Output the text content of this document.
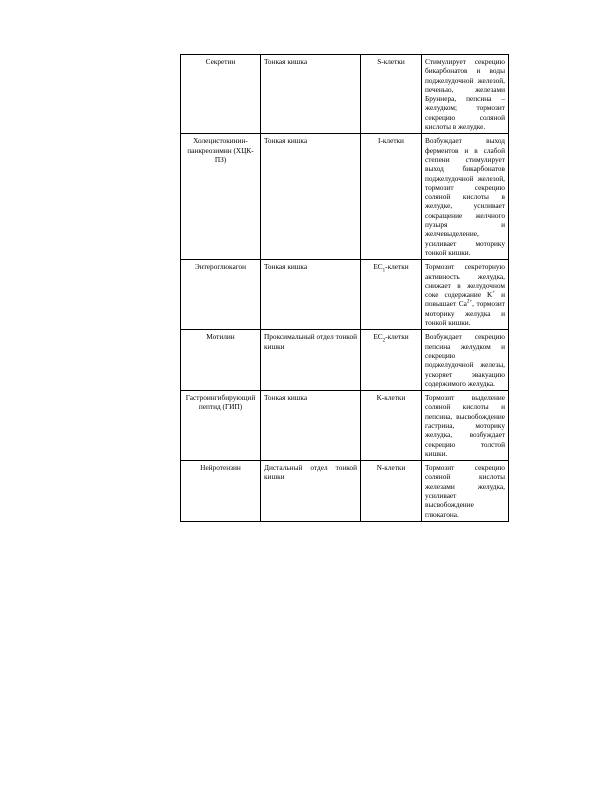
Секретин	Тонкая кишка	S-клетки	Стимулирует секрецию бикарбонатов и воды поджелудочной железой, печенью, железами Бруннера, пепсина – желудком; тормозит секрецию соляной кислоты в желудке.
Холецистокинин-панкреозимин (ХЦК-ПЗ)	Тонкая кишка	I-клетки	Возбуждает выход ферментов и в слабой степени стимулирует выход бикарбонатов поджелудочной железой, тормозит секрецию соляной кислоты в желудке, усиливает сокращение желчного пузыря и желчевыделение, усиливает моторику тонкой кишки.
Энтероглюкагон	Тонкая кишка	$EC_1$-клетки	Тормозит секреторную активность желудка, снижает в желудочном соке содержание K+ и повышает $Ca^{2+}$, тормозит моторику желудка и тонкой кишки.
Мотилин	Проксимальный отдел тонкой кишки	$EC_2$-клетки	Возбуждает секрецию пепсина желудком и секрецию поджелудочной железы, ускоряет эвакуацию содержимого желудка.
Гастроингибирующий пептид (ГИП)	Тонкая кишка	K-клетки	Тормозит выделение соляной кислоты и пепсина, высвобождение гастрина, моторику желудка, возбуждает секрецию толстой кишки.
Нейротензин	Дистальный отдел тонкой кишки	N-клетки	Тормозит секрецию соляной кислоты железами желудка, усиливает высвобождение глюкагона.
